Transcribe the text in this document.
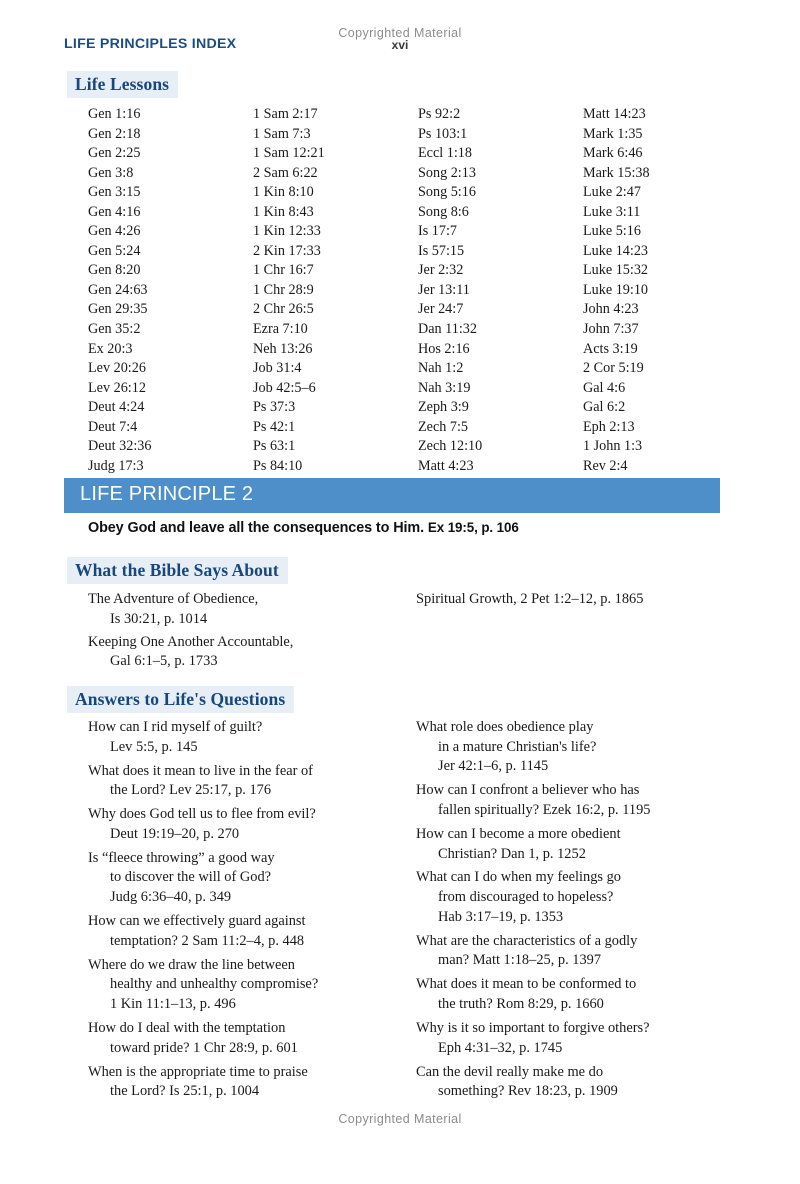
Copyrighted Material
xvi
LIFE PRINCIPLES INDEX
Life Lessons
Gen 1:16
Gen 2:18
Gen 2:25
Gen 3:8
Gen 3:15
Gen 4:16
Gen 4:26
Gen 5:24
Gen 8:20
Gen 24:63
Gen 29:35
Gen 35:2
Ex 20:3
Lev 20:26
Lev 26:12
Deut 4:24
Deut 7:4
Deut 32:36
Judg 17:3
1 Sam 2:17
1 Sam 7:3
1 Sam 12:21
2 Sam 6:22
1 Kin 8:10
1 Kin 8:43
1 Kin 12:33
2 Kin 17:33
1 Chr 16:7
1 Chr 28:9
2 Chr 26:5
Ezra 7:10
Neh 13:26
Job 31:4
Job 42:5–6
Ps 37:3
Ps 42:1
Ps 63:1
Ps 84:10
Ps 92:2
Ps 103:1
Eccl 1:18
Song 2:13
Song 5:16
Song 8:6
Is 17:7
Is 57:15
Jer 2:32
Jer 13:11
Jer 24:7
Dan 11:32
Hos 2:16
Nah 1:2
Nah 3:19
Zeph 3:9
Zech 7:5
Zech 12:10
Matt 4:23
Matt 14:23
Mark 1:35
Mark 6:46
Mark 15:38
Luke 2:47
Luke 3:11
Luke 5:16
Luke 14:23
Luke 15:32
Luke 19:10
John 4:23
John 7:37
Acts 3:19
2 Cor 5:19
Gal 4:6
Gal 6:2
Eph 2:13
1 John 1:3
Rev 2:4
LIFE PRINCIPLE 2
Obey God and leave all the consequences to Him. Ex 19:5, p. 106
What the Bible Says About
The Adventure of Obedience,
Is 30:21, p. 1014
Keeping One Another Accountable,
Gal 6:1–5, p. 1733
Spiritual Growth, 2 Pet 1:2–12, p. 1865
Answers to Life's Questions
How can I rid myself of guilt?
Lev 5:5, p. 145
What does it mean to live in the fear of
the Lord? Lev 25:17, p. 176
Why does God tell us to flee from evil?
Deut 19:19–20, p. 270
Is “fleece throwing” a good way
to discover the will of God?
Judg 6:36–40, p. 349
How can we effectively guard against
temptation? 2 Sam 11:2–4, p. 448
Where do we draw the line between
healthy and unhealthy compromise?
1 Kin 11:1–13, p. 496
How do I deal with the temptation
toward pride? 1 Chr 28:9, p. 601
When is the appropriate time to praise
the Lord? Is 25:1, p. 1004
What role does obedience play
in a mature Christian's life?
Jer 42:1–6, p. 1145
How can I confront a believer who has
fallen spiritually? Ezek 16:2, p. 1195
How can I become a more obedient
Christian? Dan 1, p. 1252
What can I do when my feelings go
from discouraged to hopeless?
Hab 3:17–19, p. 1353
What are the characteristics of a godly
man? Matt 1:18–25, p. 1397
What does it mean to be conformed to
the truth? Rom 8:29, p. 1660
Why is it so important to forgive others?
Eph 4:31–32, p. 1745
Can the devil really make me do
something? Rev 18:23, p. 1909
Copyrighted Material
